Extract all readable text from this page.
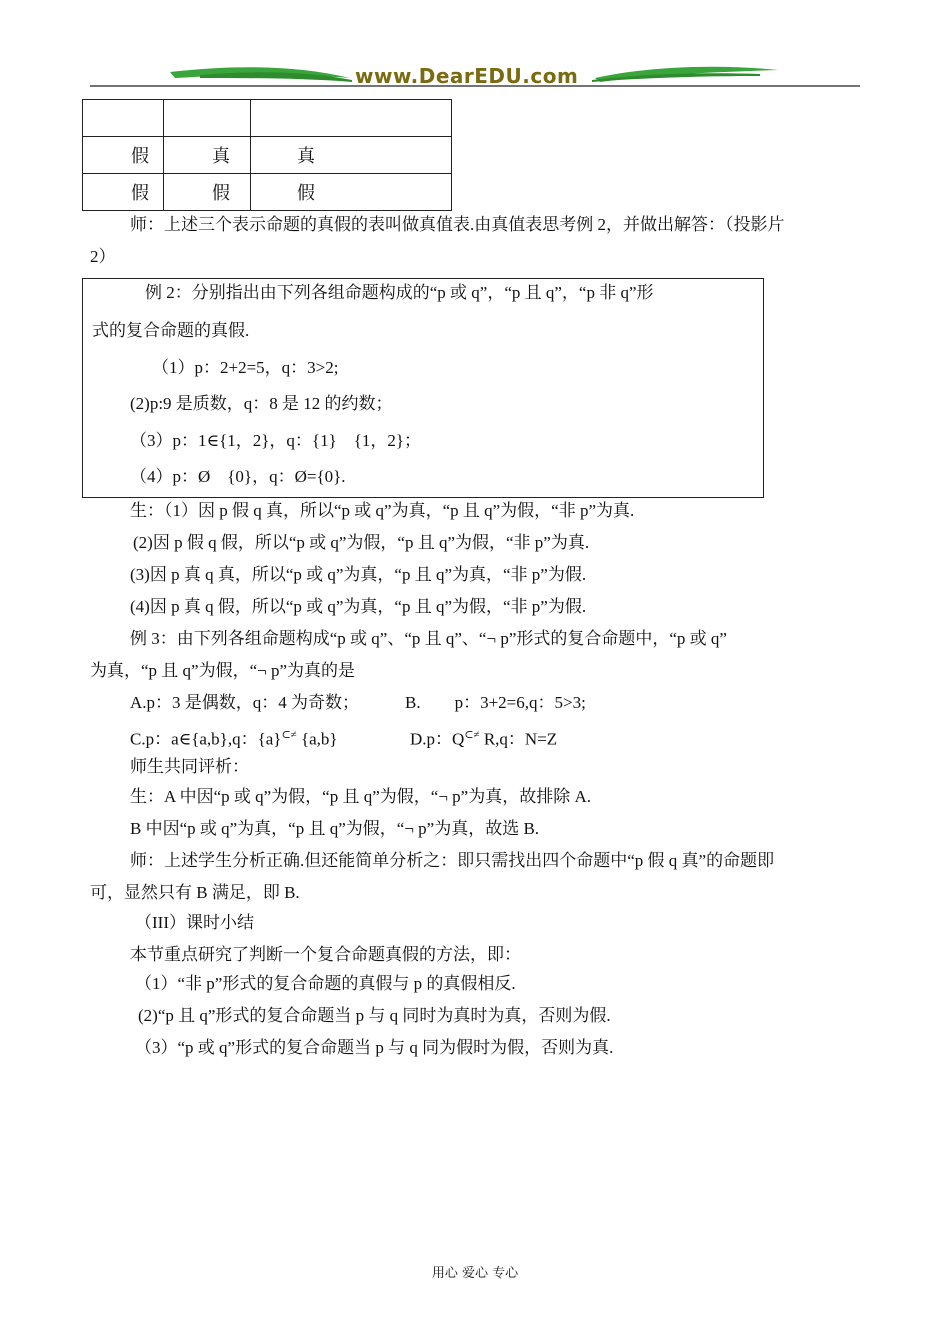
www.DearEDU.com

假	真	真
假	假	假
师：上述三个表示命题的真假的表叫做真值表.由真值表思考例 2，并做出解答：（投影片
2）
例 2：分别指出由下列各组命题构成的“p 或 q”，“p 且 q”，“p 非 q”形
式的复合命题的真假.
（1）p：2+2=5，q：3>2;
(2)p:9 是质数，q：8 是 12 的约数；
（3）p：1∈{1，2}，q：{1}　{1，2}；
（4）p：Ø　{0}，q：Ø={0}.
生：（1）因 p 假 q 真，所以“p 或 q”为真，“p 且 q”为假，“非 p”为真.
(2)因 p 假 q 假，所以“p 或 q”为假，“p 且 q”为假，“非 p”为真.
(3)因 p 真 q 真，所以“p 或 q”为真，“p 且 q”为真，“非 p”为假.
(4)因 p 真 q 假，所以“p 或 q”为真，“p 且 q”为假，“非 p”为假.
例 3：由下列各组命题构成“p 或 q”、“p 且 q”、“¬ p”形式的复合命题中，“p 或 q”
为真，“p 且 q”为假，“¬ p”为真的是
A.p：3 是偶数，q：4 为奇数；	B.　　p：3+2=6,q：5>3;
C.p：a∈{a,b},q：{a}⊂≠ {a,b}	D.p：Q⊂≠ R,q：N=Z
师生共同评析：
生：A 中因“p 或 q”为假，“p 且 q”为假，“¬ p”为真，故排除 A.
B 中因“p 或 q”为真，“p 且 q”为假，“¬ p”为真，故选 B.
师：上述学生分析正确.但还能简单分析之：即只需找出四个命题中“p 假 q 真”的命题即
可，显然只有 B 满足，即 B.
（III）课时小结
本节重点研究了判断一个复合命题真假的方法，即：
（1）“非 p”形式的复合命题的真假与 p 的真假相反.
(2)“p 且 q”形式的复合命题当 p 与 q 同时为真时为真，否则为假.
（3）“p 或 q”形式的复合命题当 p 与 q 同为假时为假，否则为真.
用心 爱心 专心
